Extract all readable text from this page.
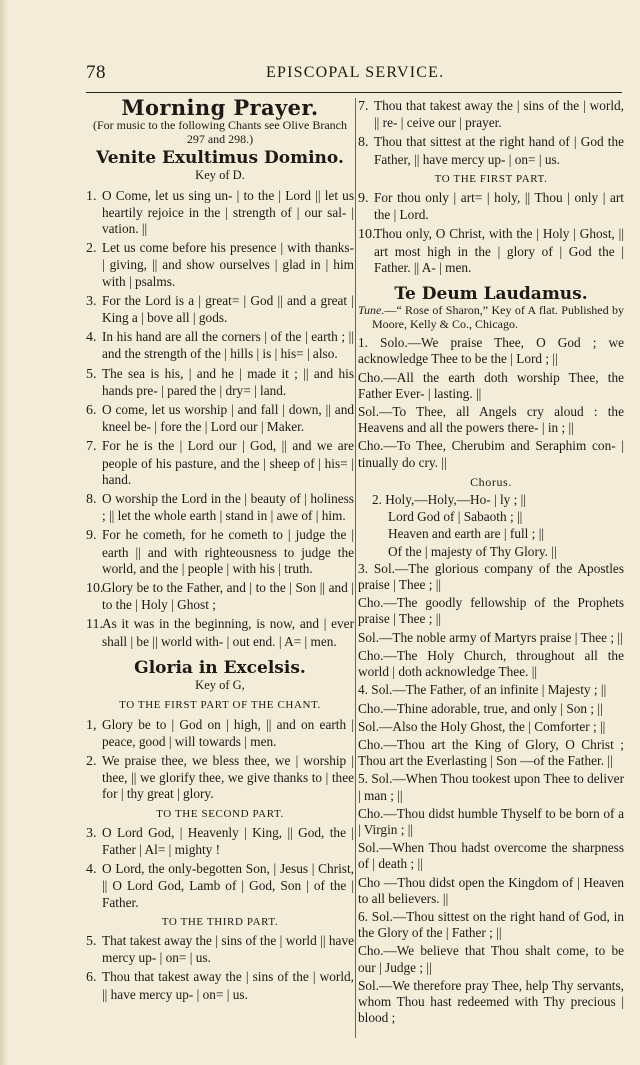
78	EPISCOPAL SERVICE.
Morning Prayer.
(For music to the following Chants see Olive Branch 297 and 298.)
Venite Exultimus Domino.
Key of D.
1. O Come, let us sing un- | to the | Lord || let us heartily rejoice in the | strength of | our sal- | vation. ||
2. Let us come before his presence | with thanks- | giving, || and show ourselves | glad in | him with | psalms.
3. For the Lord is a | great= | God || and a great | King a | bove all | gods.
4. In his hand are all the corners | of the | earth ; || and the strength of the | hills | is | his= | also.
5. The sea is his, | and he | made it ; || and his hands pre- | pared the | dry= | land.
6. O come, let us worship | and fall | down, || and kneel be- | fore the | Lord our | Maker.
7. For he is the | Lord our | God, || and we are people of his pasture, and the | sheep of | his= | hand.
8. O worship the Lord in the | beauty of | holiness ; || let the whole earth | stand in | awe of | him.
9. For he cometh, for he cometh to | judge the | earth || and with righteousness to judge the world, and the | people | with his | truth.
10.Glory be to the Father, and | to the | Son || and | to the | Holy | Ghost ;
11.As it was in the beginning, is now, and | ever shall | be || world with- | out end. | A= | men.
Gloria in Excelsis.
Key of G,
TO THE FIRST PART OF THE CHANT.
1, Glory be to | God on | high, || and on earth | peace, good | will towards | men.
2. We praise thee, we bless thee, we | worship | thee, || we glorify thee, we give thanks to | thee for | thy great | glory.
TO THE SECOND PART.
3. O Lord God, | Heavenly | King, || God, the | Father | Al= | mighty !
4. O Lord, the only-begotten Son, | Jesus | Christ, || O Lord God, Lamb of | God, Son | of the | Father.
TO THE THIRD PART.
5. That takest away the | sins of the | world || have mercy up- | on= | us.
6. Thou that takest away the | sins of the | world, || have mercy up- | on= | us.
7. Thou that takest away the | sins of the | world, || re- | ceive our | prayer.
8. Thou that sittest at the right hand of | God the Father, || have mercy up- | on= | us.
TO THE FIRST PART.
9. For thou only | art= | holy, || Thou | only | art the | Lord.
10.Thou only, O Christ, with the | Holy | Ghost, || art most high in the | glory of | God the | Father. || A- | men.
Te Deum Laudamus.
Tune.—“ Rose of Sharon,” Key of A flat. Published by Moore, Kelly & Co., Chicago.
1. Solo.—We praise Thee, O God ; we acknowledge Thee to be the | Lord ; ||
Cho.—All the earth doth worship Thee, the Father Ever- | lasting. ||
Sol.—To Thee, all Angels cry aloud : the Heavens and all the powers there- | in ; ||
Cho.—To Thee, Cherubim and Seraphim con- | tinually do cry. ||
Chorus.
2. Holy,—Holy,—Ho- | ly ; ||
Lord God of | Sabaoth ; ||
Heaven and earth are | full ; ||
Of the | majesty of Thy Glory. ||
3. Sol.—The glorious company of the Apostles praise | Thee ; ||
Cho.—The goodly fellowship of the Prophets praise | Thee ; ||
Sol.—The noble army of Martyrs praise | Thee ; ||
Cho.—The Holy Church, throughout all the world | doth acknowledge Thee. ||
4. Sol.—The Father, of an infinite | Majesty ; ||
Cho.—Thine adorable, true, and only | Son ; ||
Sol.—Also the Holy Ghost, the | Comforter ; ||
Cho.—Thou art the King of Glory, O Christ ; Thou art the Everlasting | Son —of the Father. ||
5. Sol.—When Thou tookest upon Thee to deliver | man ; ||
Cho.—Thou didst humble Thyself to be born of a | Virgin ; ||
Sol.—When Thou hadst overcome the sharpness of | death ; ||
Cho —Thou didst open the Kingdom of | Heaven to all believers. ||
6. Sol.—Thou sittest on the right hand of God, in the Glory of the | Father ; ||
Cho.—We believe that Thou shalt come, to be our | Judge ; ||
Sol.—We therefore pray Thee, help Thy servants, whom Thou hast redeemed with Thy precious | blood ;
